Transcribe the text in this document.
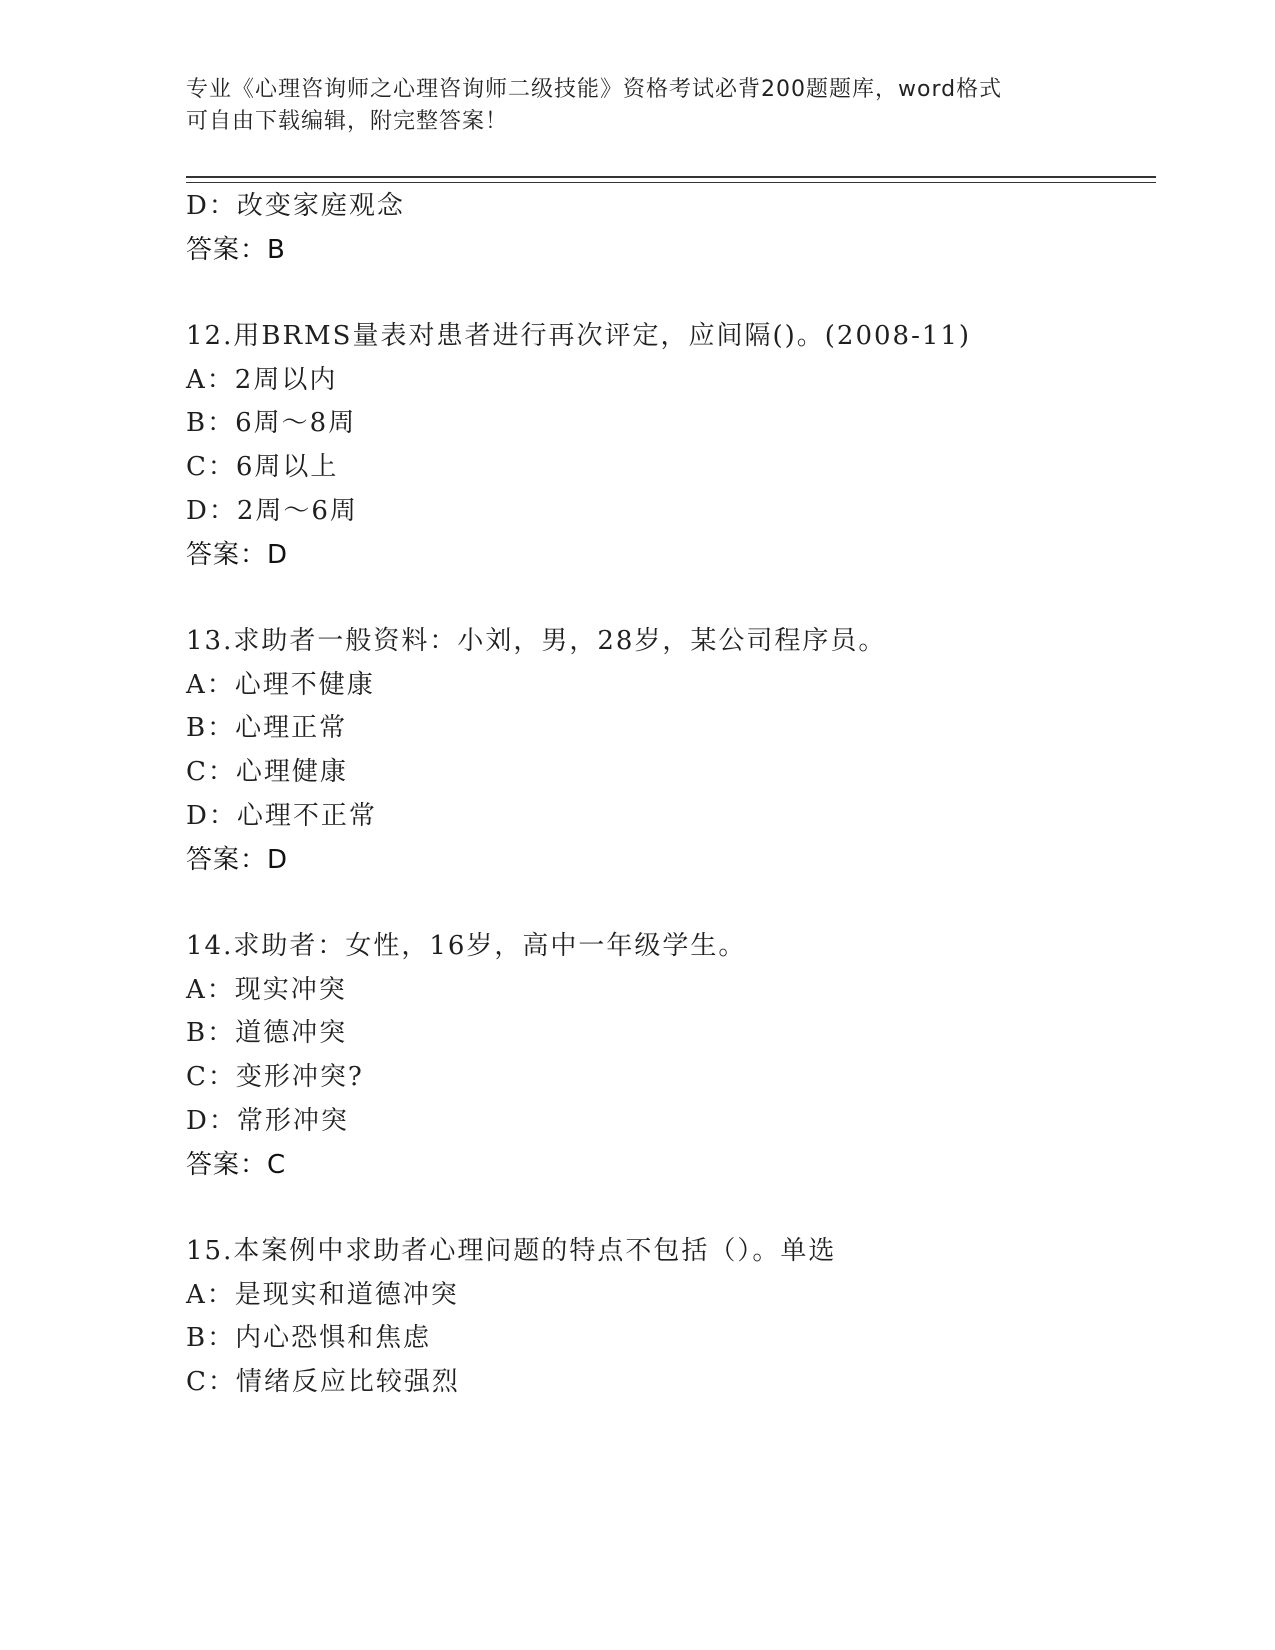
专业《心理咨询师之心理咨询师二级技能》资格考试必背200题题库，word格式
可自由下载编辑，附完整答案！
D：改变家庭观念
答案：B
12.用BRMS量表对患者进行再次评定，应间隔()。(2008-11)
A：2周以内
B：6周～8周
C：6周以上
D：2周～6周
答案：D
13.求助者一般资料：小刘，男，28岁，某公司程序员。
A：心理不健康
B：心理正常
C：心理健康
D：心理不正常
答案：D
14.求助者：女性，16岁，高中一年级学生。
A：现实冲突
B：道德冲突
C：变形冲突?
D：常形冲突
答案：C
15.本案例中求助者心理问题的特点不包括（）。单选
A：是现实和道德冲突
B：内心恐惧和焦虑
C：情绪反应比较强烈
